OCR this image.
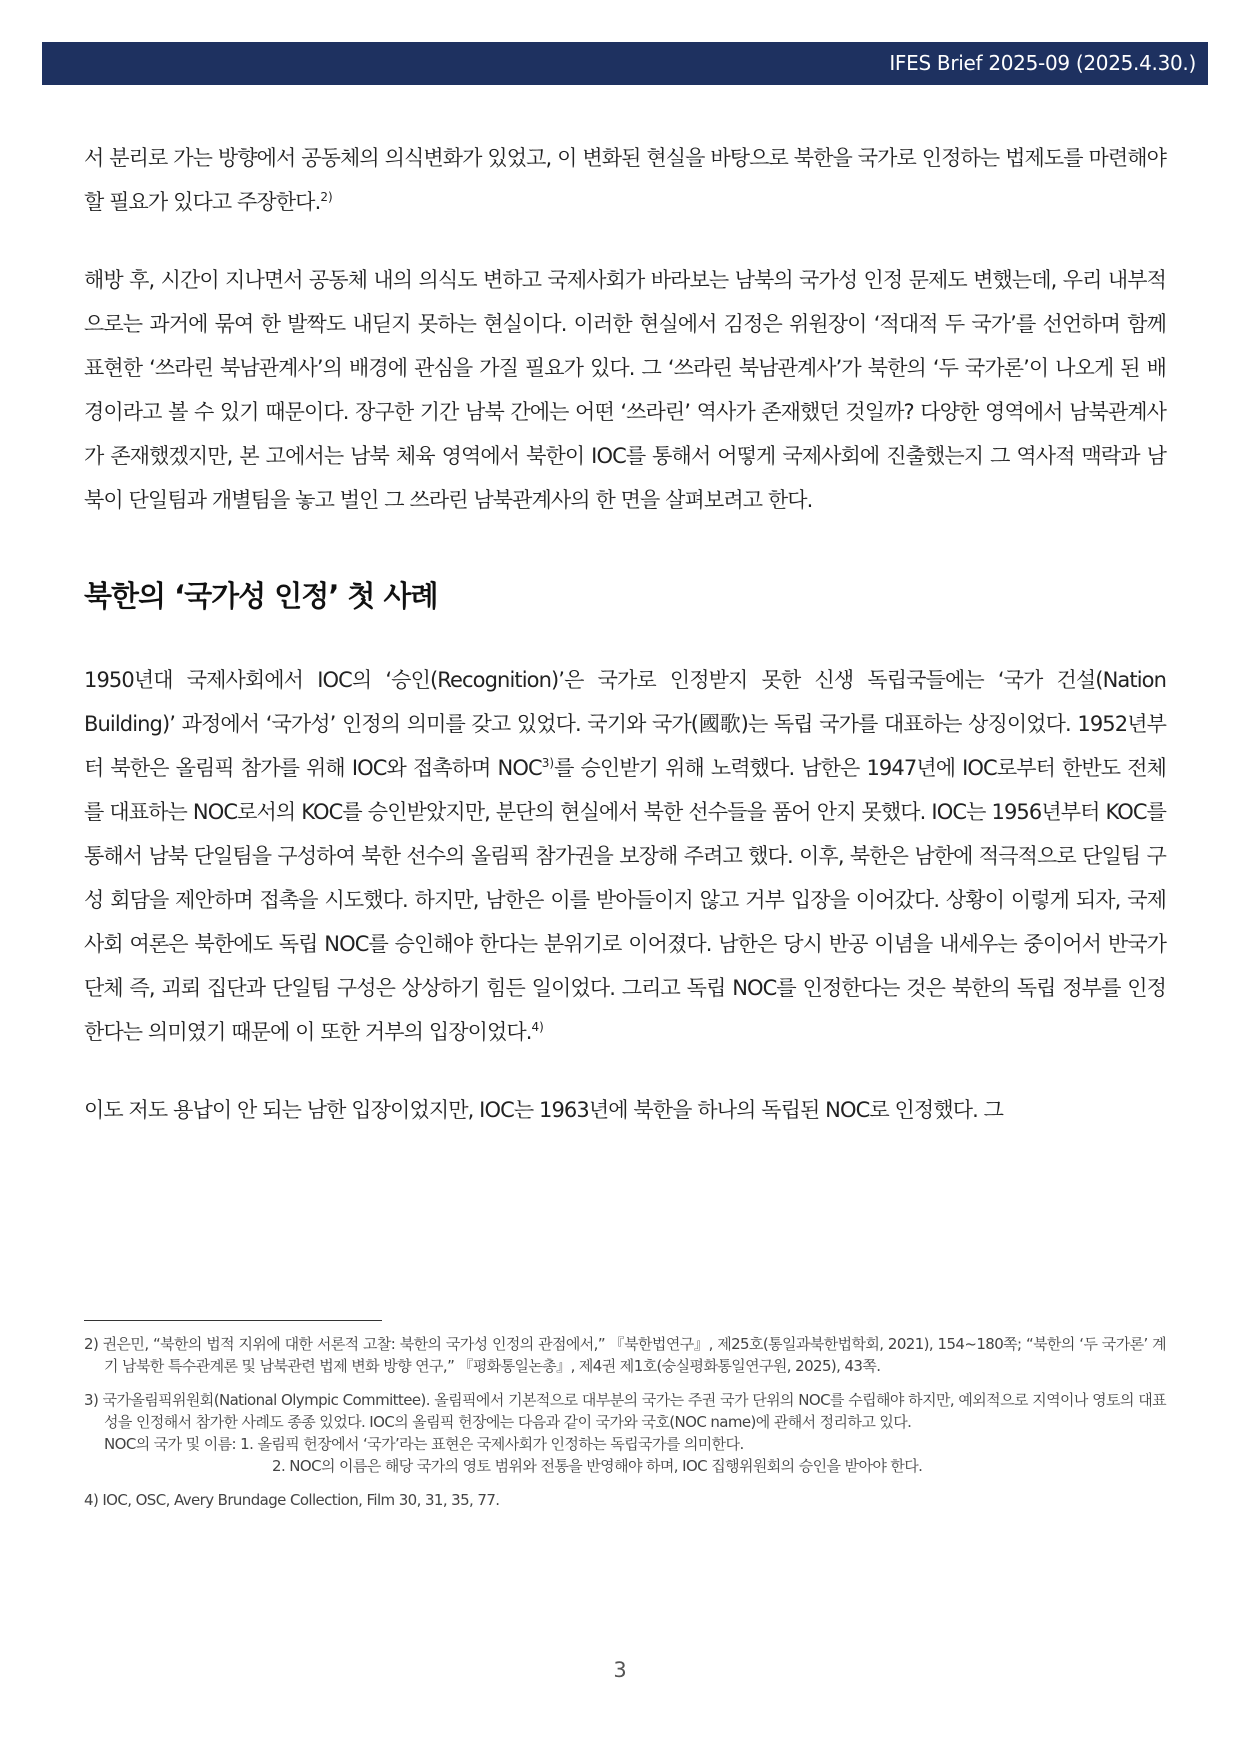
IFES Brief 2025-09 (2025.4.30.)

서 분리로 가는 방향에서 공동체의 의식변화가 있었고, 이 변화된 현실을 바탕으로 북한을 국가로 인정하는 법제도를 마련해야 할 필요가 있다고 주장한다.$^{2)}$

해방 후, 시간이 지나면서 공동체 내의 의식도 변하고 국제사회가 바라보는 남북의 국가성 인정 문제도 변했는데, 우리 내부적으로는 과거에 묶여 한 발짝도 내딛지 못하는 현실이다. 이러한 현실에서 김정은 위원장이 ‘적대적 두 국가’를 선언하며 함께 표현한 ‘쓰라린 북남관계사’의 배경에 관심을 가질 필요가 있다. 그 ‘쓰라린 북남관계사’가 북한의 ‘두 국가론’이 나오게 된 배경이라고 볼 수 있기 때문이다. 장구한 기간 남북 간에는 어떤 ‘쓰라린’ 역사가 존재했던 것일까? 다양한 영역에서 남북관계사가 존재했겠지만, 본 고에서는 남북 체육 영역에서 북한이 IOC를 통해서 어떻게 국제사회에 진출했는지 그 역사적 맥락과 남북이 단일팀과 개별팀을 놓고 벌인 그 쓰라린 남북관계사의 한 면을 살펴보려고 한다.

북한의 ‘국가성 인정’ 첫 사례

1950년대 국제사회에서 IOC의 ‘승인(Recognition)’은 국가로 인정받지 못한 신생 독립국들에는 ‘국가 건설(Nation Building)’ 과정에서 ‘국가성’ 인정의 의미를 갖고 있었다. 국기와 국가(國歌)는 독립 국가를 대표하는 상징이었다. 1952년부터 북한은 올림픽 참가를 위해 IOC와 접촉하며 NOC$^{3)}$를 승인받기 위해 노력했다. 남한은 1947년에 IOC로부터 한반도 전체를 대표하는 NOC로서의 KOC를 승인받았지만, 분단의 현실에서 북한 선수들을 품어 안지 못했다. IOC는 1956년부터 KOC를 통해서 남북 단일팀을 구성하여 북한 선수의 올림픽 참가권을 보장해 주려고 했다. 이후, 북한은 남한에 적극적으로 단일팀 구성 회담을 제안하며 접촉을 시도했다. 하지만, 남한은 이를 받아들이지 않고 거부 입장을 이어갔다. 상황이 이렇게 되자, 국제사회 여론은 북한에도 독립 NOC를 승인해야 한다는 분위기로 이어졌다. 남한은 당시 반공 이념을 내세우는 중이어서 반국가단체 즉, 괴뢰 집단과 단일팀 구성은 상상하기 힘든 일이었다. 그리고 독립 NOC를 인정한다는 것은 북한의 독립 정부를 인정한다는 의미였기 때문에 이 또한 거부의 입장이었다.$^{4)}$

이도 저도 용납이 안 되는 남한 입장이었지만, IOC는 1963년에 북한을 하나의 독립된 NOC로 인정했다. 그

2) 권은민, “북한의 법적 지위에 대한 서론적 고찰: 북한의 국가성 인정의 관점에서,” 『북한법연구』, 제25호(통일과북한법학회, 2021), 154~180쪽; “북한의 ‘두 국가론’ 계기 남북한 특수관계론 및 남북관련 법제 변화 방향 연구,” 『평화통일논총』, 제4권 제1호(숭실평화통일연구원, 2025), 43쪽.

3) 국가올림픽위원회(National Olympic Committee). 올림픽에서 기본적으로 대부분의 국가는 주권 국가 단위의 NOC를 수립해야 하지만, 예외적으로 지역이나 영토의 대표성을 인정해서 참가한 사례도 종종 있었다. IOC의 올림픽 헌장에는 다음과 같이 국가와 국호(NOC name)에 관해서 정리하고 있다.
NOC의 국가 및 이름: 1. 올림픽 헌장에서 ‘국가’라는 표현은 국제사회가 인정하는 독립국가를 의미한다.
2. NOC의 이름은 해당 국가의 영토 범위와 전통을 반영해야 하며, IOC 집행위원회의 승인을 받아야 한다.

4) IOC, OSC, Avery Brundage Collection, Film 30, 31, 35, 77.

3
